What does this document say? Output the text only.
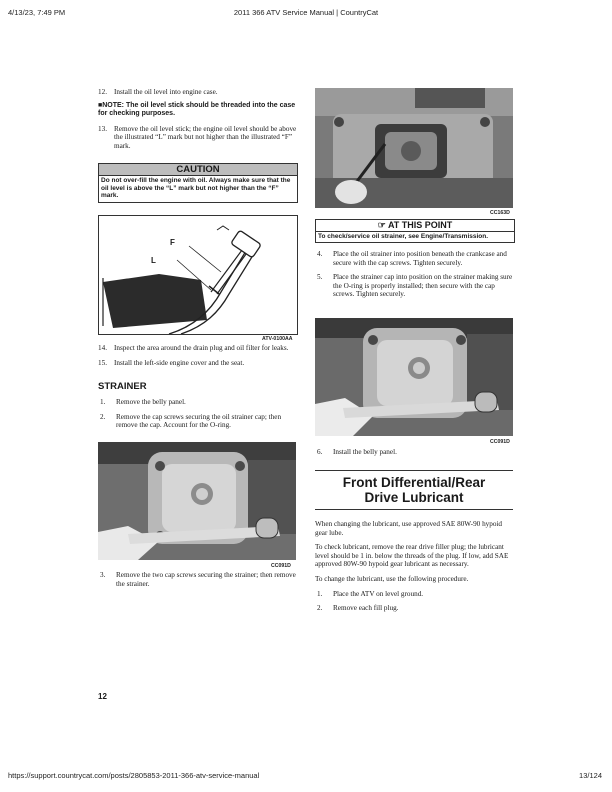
4/13/23, 7:49 PM	2011 366 ATV Service Manual | CountryCat
https://support.countrycat.com/posts/2805853-2011-366-atv-service-manual	13/124

12. Install the oil level into engine case.

■NOTE: The oil level stick should be threaded into the case for checking purposes.

13. Remove the oil level stick; the engine oil level should be above the illustrated “L” mark but not higher than the illustrated “F” mark.

CAUTION
Do not over-fill the engine with oil. Always make sure that the oil level is above the “L” mark but not higher than the “F” mark.
F
L
ATV-0100AA

14. Inspect the area around the drain plug and oil filter for leaks.

15. Install the left-side engine cover and the seat.

STRAINER

1. Remove the belly panel.

2. Remove the cap screws securing the oil strainer cap; then remove the cap. Account for the O-ring.

CC091D

3. Remove the two cap screws securing the strainer; then remove the strainer.

12
CC163D
☞ AT THIS POINT
To check/service oil strainer, see Engine/Transmission.

4. Place the oil strainer into position beneath the crankcase and secure with the cap screws. Tighten securely.

5. Place the strainer cap into position on the strainer making sure the O-ring is properly installed; then secure with the cap screws. Tighten securely.

CC091D

6. Install the belly panel.

Front Differential/Rear
Drive Lubricant

When changing the lubricant, use approved SAE 80W-90 hypoid gear lube.

To check lubricant, remove the rear drive filler plug; the lubricant level should be 1 in. below the threads of the plug. If low, add SAE approved 80W-90 hypoid gear lubricant as necessary.

To change the lubricant, use the following procedure.

1. Place the ATV on level ground.

2. Remove each fill plug.
